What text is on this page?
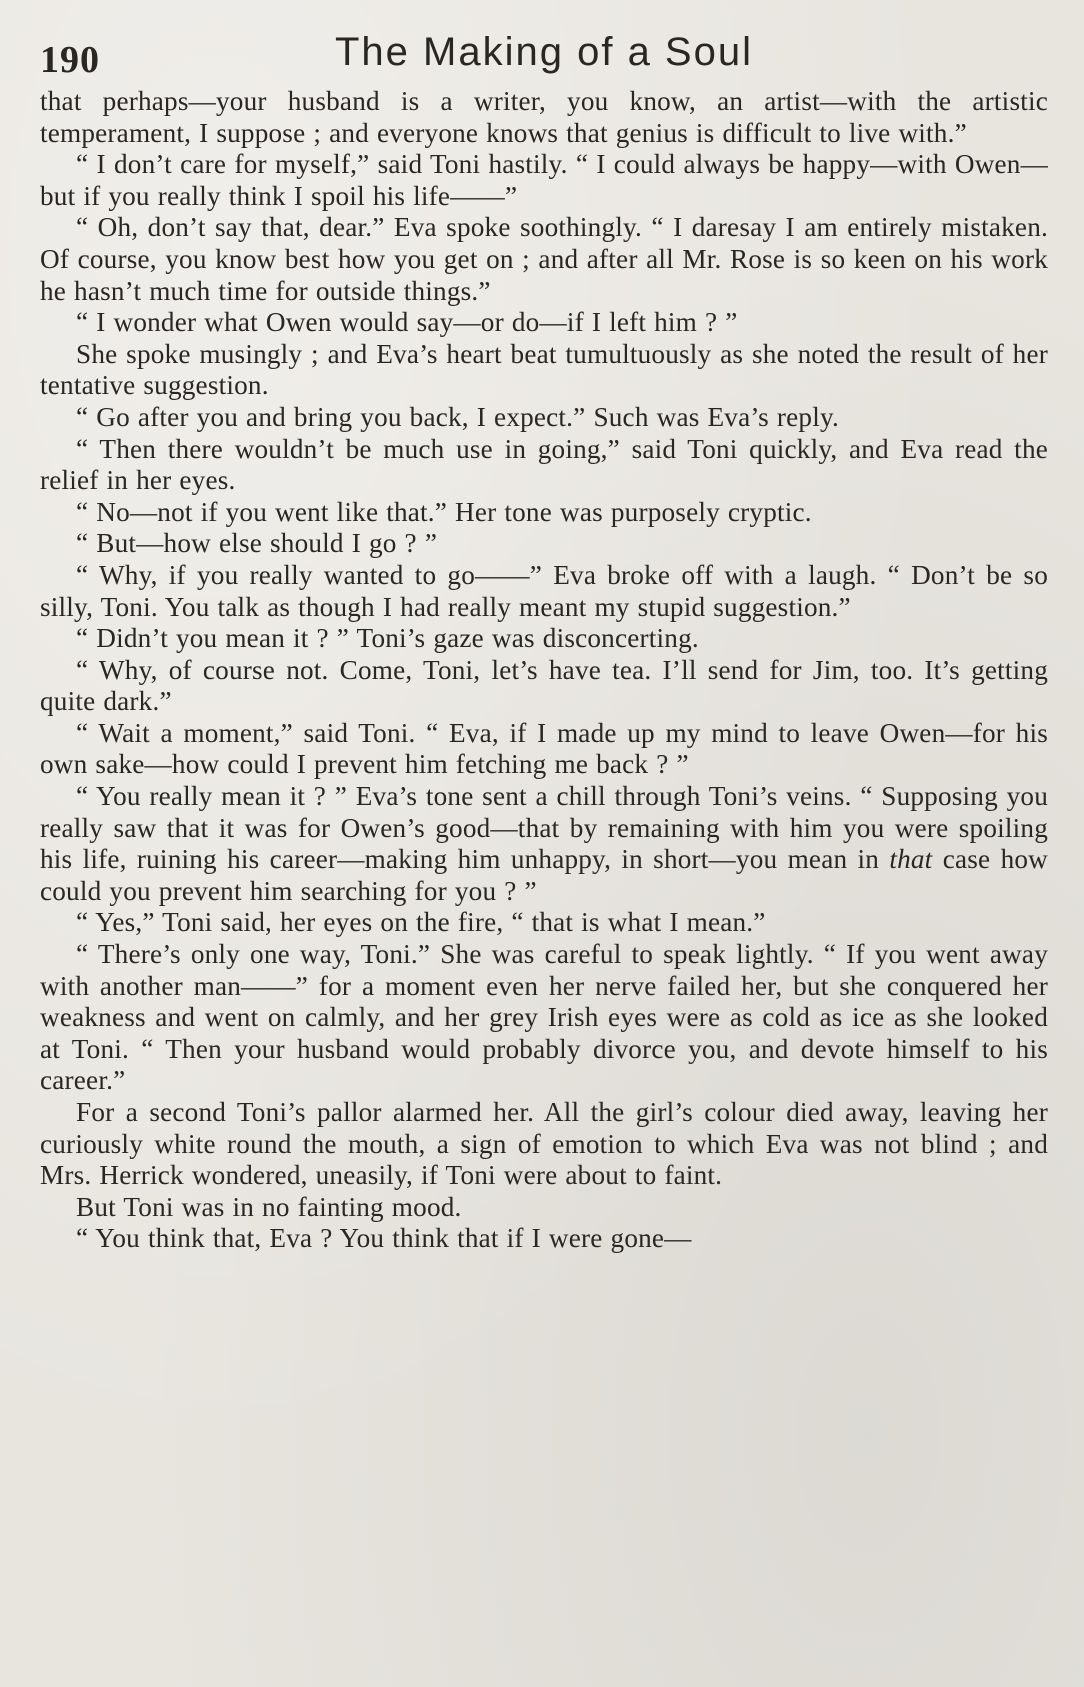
190	The Making of a Soul

that perhaps—your husband is a writer, you know, an artist—with the artistic temperament, I suppose ; and everyone knows that genius is difficult to live with.”

“ I don’t care for myself,” said Toni hastily. “ I could always be happy—with Owen—but if you really think I spoil his life——”

“ Oh, don’t say that, dear.” Eva spoke soothingly. “ I daresay I am entirely mistaken. Of course, you know best how you get on ; and after all Mr. Rose is so keen on his work he hasn’t much time for outside things.”

“ I wonder what Owen would say—or do—if I left him ? ”

She spoke musingly ; and Eva’s heart beat tumultuously as she noted the result of her tentative suggestion.

“ Go after you and bring you back, I expect.” Such was Eva’s reply.

“ Then there wouldn’t be much use in going,” said Toni quickly, and Eva read the relief in her eyes.

“ No—not if you went like that.” Her tone was purposely cryptic.

“ But—how else should I go ? ”

“ Why, if you really wanted to go——” Eva broke off with a laugh. “ Don’t be so silly, Toni. You talk as though I had really meant my stupid suggestion.”

“ Didn’t you mean it ? ” Toni’s gaze was disconcerting.

“ Why, of course not. Come, Toni, let’s have tea. I’ll send for Jim, too. It’s getting quite dark.”

“ Wait a moment,” said Toni. “ Eva, if I made up my mind to leave Owen—for his own sake—how could I prevent him fetching me back ? ”

“ You really mean it ? ” Eva’s tone sent a chill through Toni’s veins. “ Supposing you really saw that it was for Owen’s good—that by remaining with him you were spoiling his life, ruining his career—making him unhappy, in short—you mean in that case how could you prevent him searching for you ? ”

“ Yes,” Toni said, her eyes on the fire, “ that is what I mean.”

“ There’s only one way, Toni.” She was careful to speak lightly. “ If you went away with another man——” for a moment even her nerve failed her, but she conquered her weakness and went on calmly, and her grey Irish eyes were as cold as ice as she looked at Toni. “ Then your husband would probably divorce you, and devote himself to his career.”

For a second Toni’s pallor alarmed her. All the girl’s colour died away, leaving her curiously white round the mouth, a sign of emotion to which Eva was not blind ; and Mrs. Herrick wondered, uneasily, if Toni were about to faint.

But Toni was in no fainting mood.

“ You think that, Eva ? You think that if I were gone—
